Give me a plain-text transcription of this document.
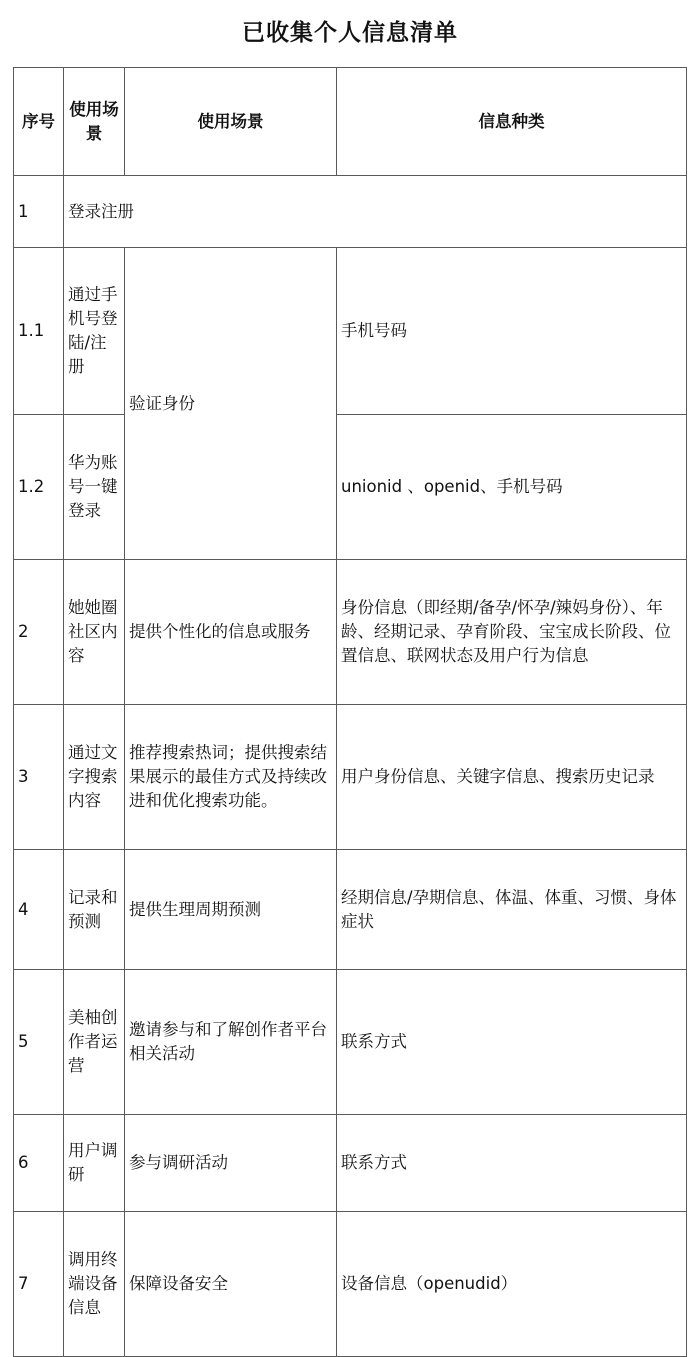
已收集个人信息清单
序号	使用场景	使用场景	信息种类
1	登录注册		
1.1	通过手机号登陆/注册	验证身份	手机号码
1.2	华为账号一键登录		unionid 、openid、手机号码
2	她她圈社区内容	提供个性化的信息或服务	身份信息（即经期/备孕/怀孕/辣妈身份）、年龄、经期记录、孕育阶段、宝宝成长阶段、位置信息、联网状态及用户行为信息
3	通过文字搜索内容	推荐搜索热词；提供搜索结果展示的最佳方式及持续改进和优化搜索功能。	用户身份信息、关键字信息、搜索历史记录
4	记录和预测	提供生理周期预测	经期信息/孕期信息、体温、体重、习惯、身体症状
5	美柚创作者运营	邀请参与和了解创作者平台相关活动	联系方式
6	用户调研	参与调研活动	联系方式
7	调用终端设备信息	保障设备安全	设备信息（openudid）
